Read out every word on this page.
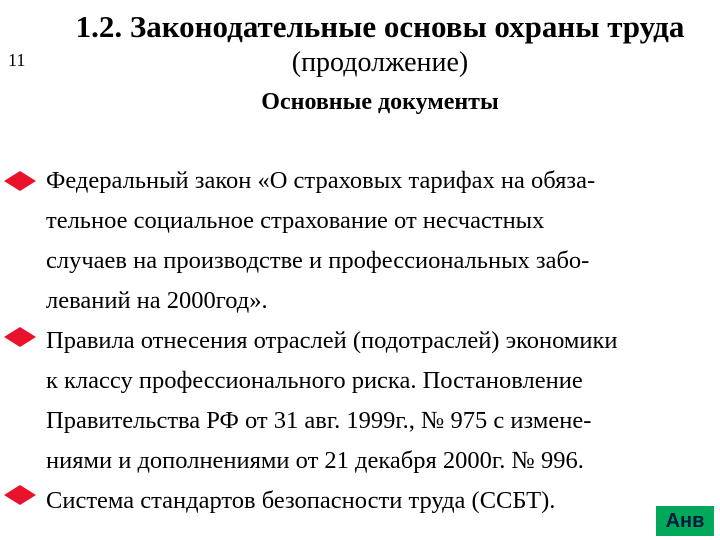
11
1.2. Законодательные основы охраны труда
(продолжение)
Основные документы
Федеральный закон «О страховых тарифах на обяза-
тельное социальное страхование от несчастных
случаев на производстве и профессиональных забо-
леваний на 2000год».
Правила отнесения отраслей (подотраслей) экономики
к классу профессионального риска. Постановление
Правительства РФ от 31 авг. 1999г., № 975 с измене-
ниями и дополнениями от 21 декабря 2000г. № 996.
Система стандартов безопасности труда (ССБТ).
Анв
